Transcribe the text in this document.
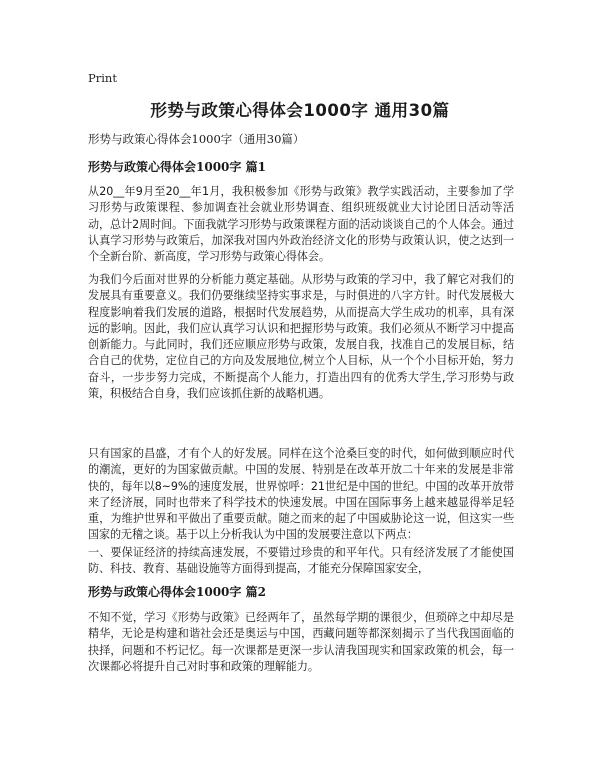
Print
形势与政策心得体会1000字 通用30篇
形势与政策心得体会1000字（通用30篇）
形势与政策心得体会1000字 篇1

从20__年9月至20__年1月，我积极参加《形势与政策》教学实践活动，主要参加了学习形势与政策课程、参加调查社会就业形势调查、组织班级就业大讨论团日活动等活动，总计2周时间。下面我就学习形势与政策课程方面的活动谈谈自己的个人体会。通过认真学习形势与政策后，加深我对国内外政治经济文化的形势与政策认识，使之达到一个全新台阶、新高度，学习形势与政策心得体会。

为我们今后面对世界的分析能力奠定基础。从形势与政策的学习中，我了解它对我们的发展具有重要意义。我们仍要继续坚持实事求是，与时俱进的八字方针。时代发展极大程度影响着我们发展的道路，根据时代发展趋势，从而提高大学生成功的机率，具有深远的影响。因此，我们应认真学习认识和把握形势与政策。我们必须从不断学习中提高创新能力。与此同时，我们还应顺应形势与政策，发展自我，找准自己的发展目标，结合自己的优势，定位自己的方向及发展地位,树立个人目标，从一个个小目标开始，努力奋斗，一步步努力完成，不断提高个人能力，打造出四有的优秀大学生,学习形势与政策，积极结合自身，我们应该抓住新的战略机遇。

只有国家的昌盛，才有个人的好发展。同样在这个沧桑巨变的时代，如何做到顺应时代的潮流，更好的为国家做贡献。中国的发展、特别是在改革开放二十年来的发展是非常快的，每年以8~9%的速度发展，世界惊呼：21世纪是中国的世纪。中国的改革开放带来了经济展，同时也带来了科学技术的快速发展。中国在国际事务上越来越显得举足轻重，为维护世界和平做出了重要贡献。随之而来的起了中国威胁论这一说，但这实一些国家的无稽之谈。基于以上分析我认为中国的发展要注意以下两点：

一、要保证经济的持续高速发展，不要错过珍贵的和平年代。只有经济发展了才能使国防、科技、教育、基础设施等方面得到提高，才能充分保障国家安全，

形势与政策心得体会1000字 篇2

不知不觉，学习《形势与政策》已经两年了，虽然每学期的课很少，但琐碎之中却尽是精华，无论是构建和谐社会还是奥运与中国，西藏问题等都深刻揭示了当代我国面临的抉择，问题和不朽记忆。每一次课都是更深一步认清我国现实和国家政策的机会，每一次课都必将提升自己对时事和政策的理解能力。
